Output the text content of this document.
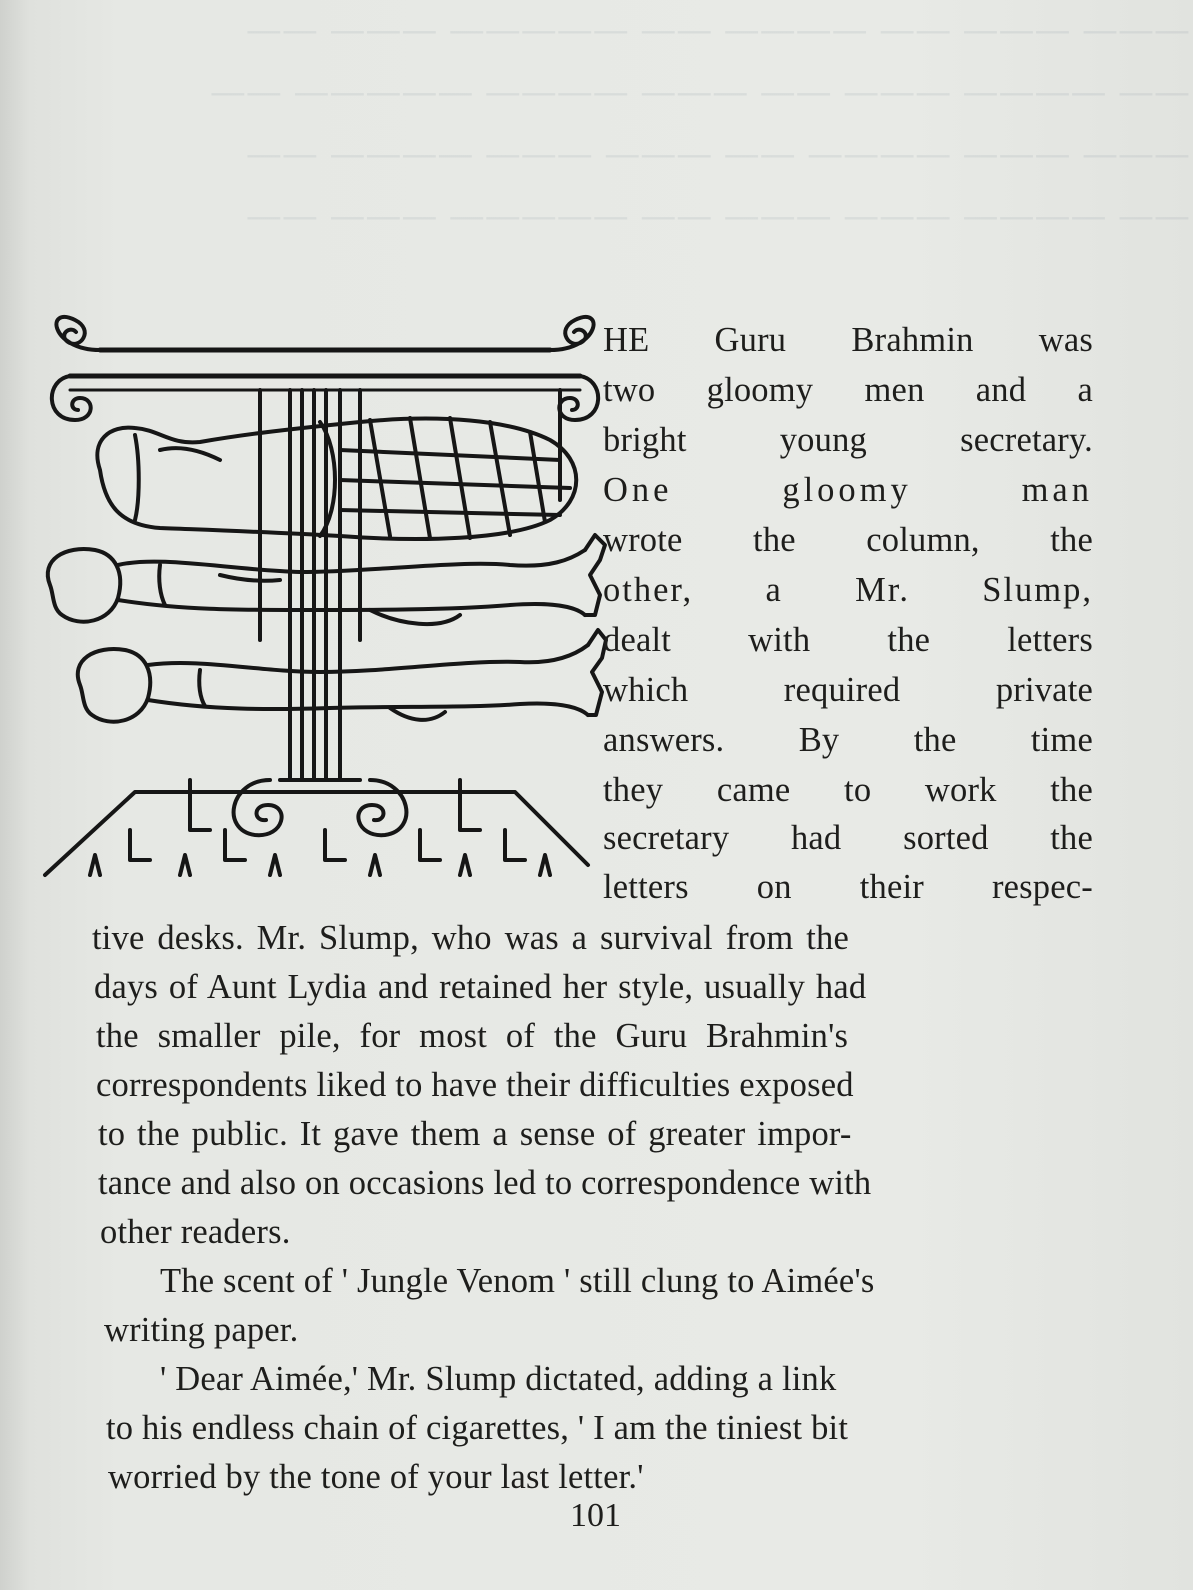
——— ——— —— ———— —— ————— ——— ——
—— ———— ——— —— ——— ———— ————— ——
——— ——— ———— —— ——— ——— ———— ——
—— ———— ——— ——— —— ————— ——— ——
HE Guru Brahmin was
two gloomy men and a
bright	young	secretary.
One	gloomy	man
wrote the column, the
other, a Mr. Slump,
dealt with the letters
which	required	private
answers. By the time
they came to work the
secretary had sorted the
letters on their respec-
tive desks. Mr. Slump, who was a survival from the
days of Aunt Lydia and retained her style, usually had
the smaller pile, for most of the Guru Brahmin's
correspondents liked to have their difficulties exposed
to the public. It gave them a sense of greater impor-
tance and also on occasions led to correspondence with
other readers.
The scent of ' Jungle Venom ' still clung to Aimée's
writing paper.
' Dear Aimée,' Mr. Slump dictated, adding a link
to his endless chain of cigarettes, ' I am the tiniest bit
worried by the tone of your last letter.'
101
